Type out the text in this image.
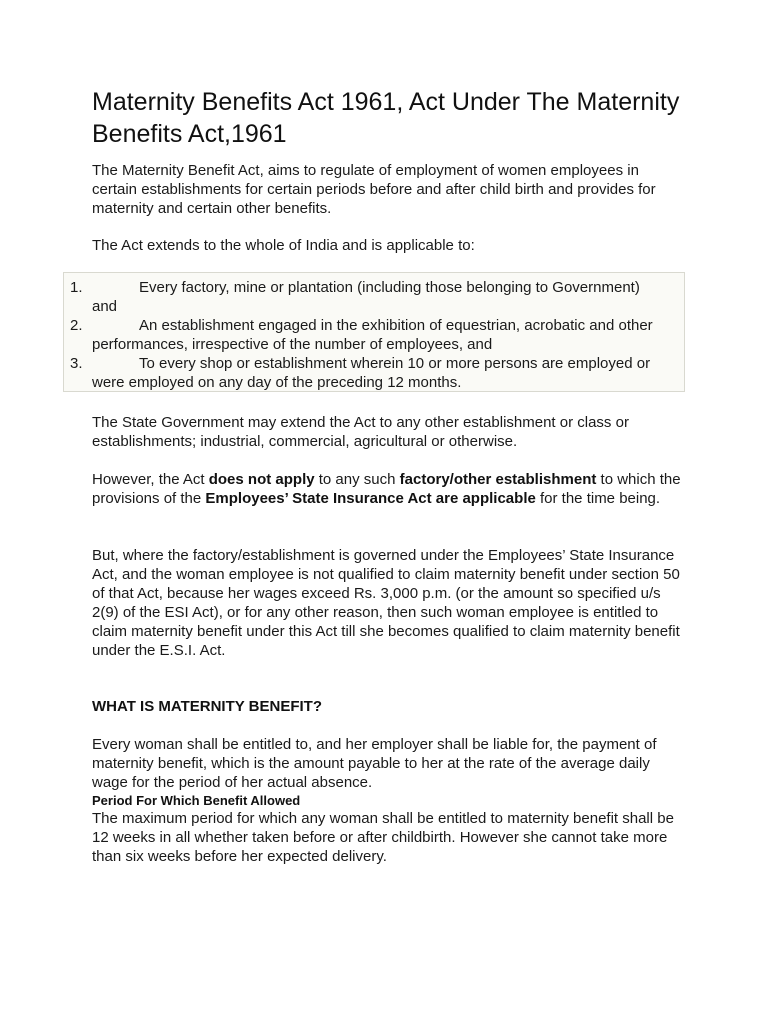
Maternity Benefits Act 1961, Act Under The Maternity Benefits Act,1961

The Maternity Benefit Act, aims to regulate of employment of women employees in certain establishments for certain periods before and after child birth and provides for maternity and certain other benefits.

The Act extends to the whole of India and is applicable to:

1.	Every factory, mine or plantation (including those belonging to Government) and

2.	An establishment engaged in the exhibition of equestrian, acrobatic and other performances, irrespective of the number of employees, and

3.	To every shop or establishment wherein 10 or more persons are employed or were employed on any day of the preceding 12 months.

The State Government may extend the Act to any other establishment or class or establishments; industrial, commercial, agricultural or otherwise.

However, the Act does not apply to any such factory/other establishment to which the provisions of the Employees’ State Insurance Act are applicable for the time being.

But, where the factory/establishment is governed under the Employees’ State Insurance Act, and the woman employee is not qualified to claim maternity benefit under section 50 of that Act, because her wages exceed Rs. 3,000 p.m. (or the amount so specified u/s 2(9) of the ESI Act), or for any other reason, then such woman employee is entitled to claim maternity benefit under this Act till she becomes qualified to claim maternity benefit under the E.S.I. Act.

WHAT IS MATERNITY BENEFIT?

Every woman shall be entitled to, and her employer shall be liable for, the payment of maternity benefit, which is the amount payable to her at the rate of the average daily wage for the period of her actual absence.

Period For Which Benefit Allowed

The maximum period for which any woman shall be entitled to maternity benefit shall be 12 weeks in all whether taken before or after childbirth. However she cannot take more than six weeks before her expected delivery.
